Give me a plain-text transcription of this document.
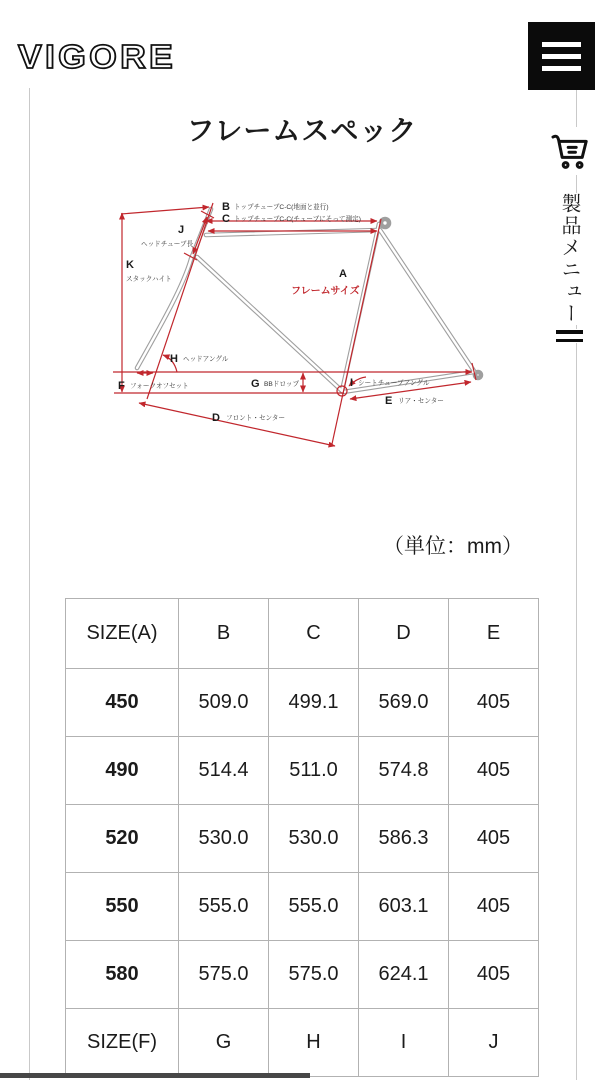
VIGORE
フレームスペック
製品メニュー
B トップチューブC-C(地面と並行)
C トップチューブC-C(チューブにそって測定)
J
ヘッドチューブ長
K
スタックハイト	A
フレームサイズ
H ヘッドアングル
F フォークオフセット	G BBドロップ	I シートチューブアングル
E リア・センター
D フロント・センター
（単位：mm）
SIZE(A)	B	C	D	E
450	509.0	499.1	569.0	405
490	514.4	511.0	574.8	405
520	530.0	530.0	586.3	405
550	555.0	555.0	603.1	405
580	575.0	575.0	624.1	405
SIZE(F)	G	H	I	J
